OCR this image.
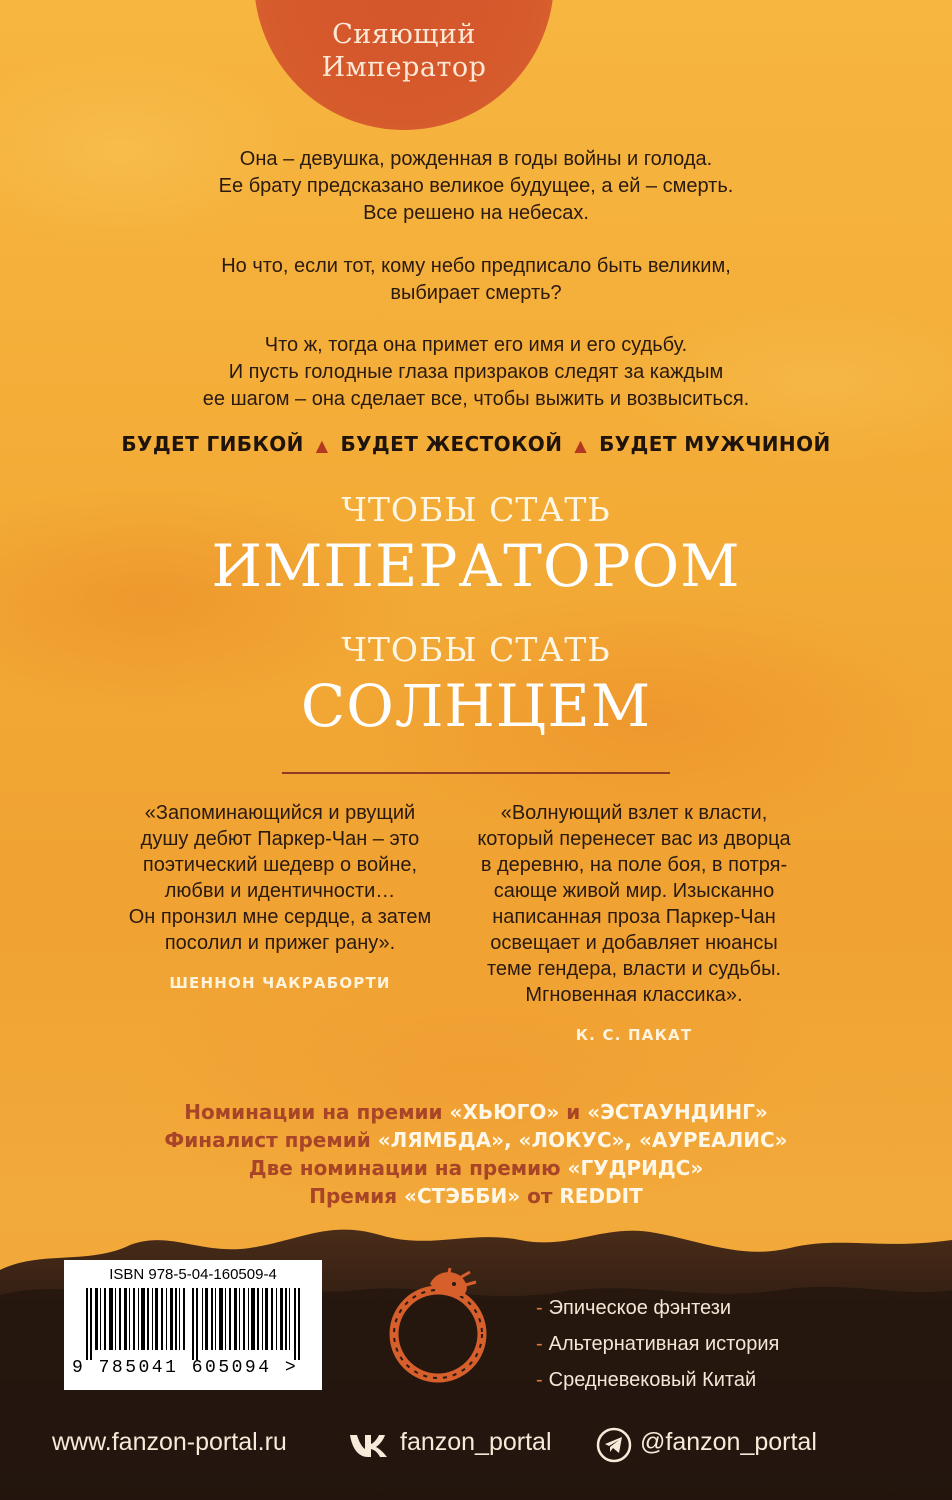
Сияющий
Император

Она – девушка, рожденная в годы войны и голода.

Ее брату предсказано великое будущее, а ей – смерть.

Все решено на небесах.

Но что, если тот, кому небо предписало быть великим,

выбирает смерть?

Что ж, тогда она примет его имя и его судьбу.

И пусть голодные глаза призраков следят за каждым

ее шагом – она сделает все, чтобы выжить и возвыситься.

БУДЕТ ГИБКОЙ ▲ БУДЕТ ЖЕСТОКОЙ ▲ БУДЕТ МУЖЧИНОЙ
ЧТОБЫ СТАТЬ
ИМПЕРАТОРОМ
ЧТОБЫ СТАТЬ
СОЛНЦЕМ

«Запоминающийся и рвущий

душу дебют Паркер-Чан – это

поэтический шедевр о войне,

любви и идентичности…

Он пронзил мне сердце, а затем

посолил и прижег рану».

ШЕННОН ЧАКРАБОРТИ

«Волнующий взлет к власти,

который перенесет вас из дворца

в деревню, на поле боя, в потря-

сающе живой мир. Изысканно

написанная проза Паркер-Чан

освещает и добавляет нюансы

теме гендера, власти и судьбы.

Мгновенная классика».

К. С. ПАКАТ
Номинации на премии «ХЬЮГО» и «ЭСТАУНДИНГ»
Финалист премий «ЛЯМБДА», «ЛОКУС», «АУРЕАЛИС»
Две номинации на премию «ГУДРИДС»
Премия «СТЭББИ» от REDDIT
ISBN 978-5-04-160509-4
9 785041 605094 >
- Эпическое фэнтези
- Альтернативная история
- Средневековый Китай
www.fanzon-portal.ru	fanzon_portal	@fanzon_portal
